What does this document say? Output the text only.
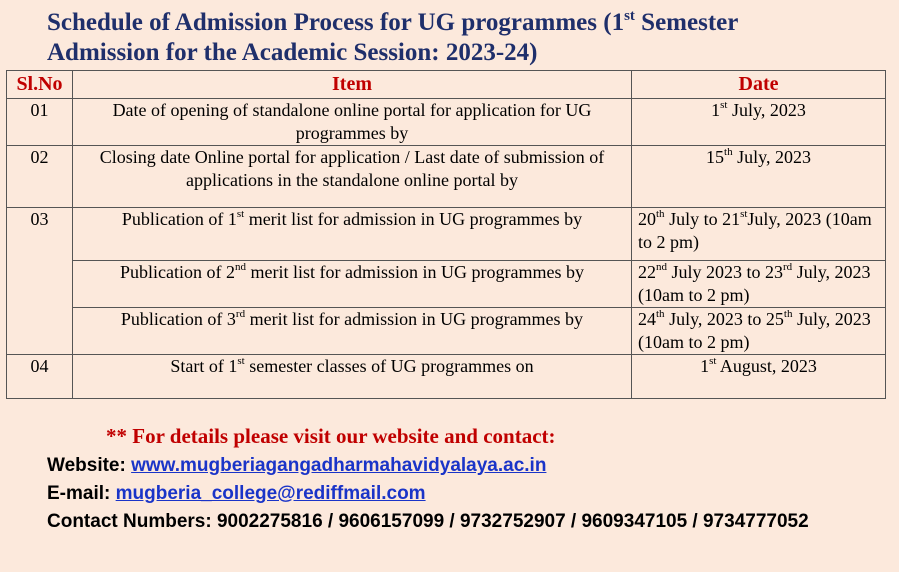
Schedule of Admission Process for UG programmes (1st Semester
Admission for the Academic Session: 2023-24)
Sl.No	Item	Date
01	Date of opening of standalone online portal for application for UG programmes by	1st July, 2023
02	Closing date Online portal for application / Last date of submission of applications in the standalone online portal by	15th July, 2023
03	Publication of 1st merit list for admission in UG programmes by	20th July to 21stJuly, 2023 (10am to 2 pm)
	Publication of 2nd merit list for admission in UG programmes by	22nd July 2023 to 23rd July, 2023 (10am to 2 pm)
	Publication of 3rd merit list for admission in UG programmes by	24th July, 2023 to 25th July, 2023 (10am to 2 pm)
04	Start of 1st semester classes of UG programmes on	1st August, 2023
** For details please visit our website and contact:
Website: www.mugberiagangadharmahavidyalaya.ac.in
E-mail: mugberia_college@rediffmail.com
Contact Numbers: 9002275816 / 9606157099 / 9732752907 / 9609347105 / 9734777052
